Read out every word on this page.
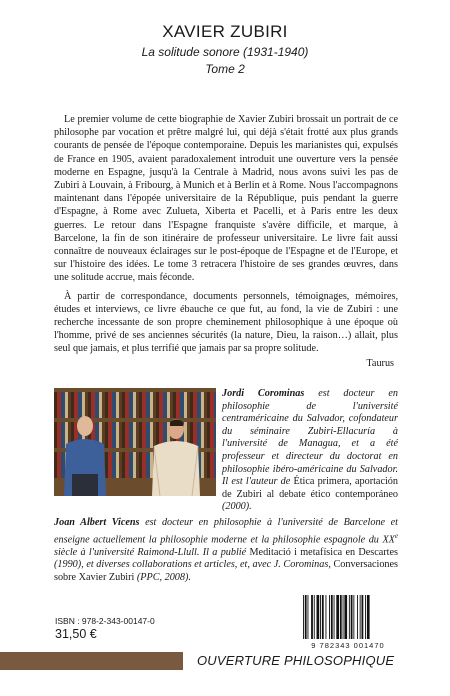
XAVIER ZUBIRI
La solitude sonore (1931-1940)
Tome 2

Le premier volume de cette biographie de Xavier Zubiri brossait un portrait de ce philosophe par vocation et prêtre malgré lui, qui déjà s'était frotté aux plus grands courants de pensée de l'époque contemporaine. Depuis les marianistes qui, expulsés de France en 1905, avaient paradoxalement introduit une ouverture vers la pensée moderne en Espagne, jusqu'à la Centrale à Madrid, nous avons suivi les pas de Zubiri à Louvain, à Fribourg, à Munich et à Berlin et à Rome. Nous l'accompagnons maintenant dans l'épopée universitaire de la République, puis pendant la guerre d'Espagne, à Rome avec Zulueta, Xiberta et Pacelli, et à Paris entre les deux guerres. Le retour dans l'Espagne franquiste s'avère difficile, et marque, à Barcelone, la fin de son itinéraire de professeur universitaire. Le livre fait aussi connaître de nouveaux éclairages sur le post-époque de l'Espagne et de l'Europe, et sur l'histoire des idées. Le tome 3 retracera l'histoire de ses grandes œuvres, dans une solitude accrue, mais féconde.

À partir de correspondance, documents personnels, témoignages, mémoires, études et interviews, ce livre ébauche ce que fut, au fond, la vie de Zubiri : une recherche incessante de son propre cheminement philosophique à une époque où l'homme, privé de ses anciennes sécurités (la nature, Dieu, la raison…) allait, plus seul que jamais, et plus terrifié que jamais par sa propre solitude.

Taurus
Jordi Corominas est docteur en philosophie de l'université centraméricaine du Salvador, cofondateur du séminaire Zubiri-Ellacuría à l'université de Managua, et a été professeur et directeur du doctorat en philosophie ibéro-américaine du Salvador. Il est l'auteur de Ética primera, aportación de Zubiri al debate ético contemporáneo (2000).
Joan Albert Vicens est docteur en philosophie à l'université de Barcelone et enseigne actuellement la philosophie moderne et la philosophie espagnole du XXe siècle à l'université Raimond-Llull. Il a publié Meditació i metafísica en Descartes (1990), et diverses collaborations et articles, et, avec J. Corominas, Conversaciones sobre Xavier Zubiri (PPC, 2008).
ISBN : 978-2-343-00147-0
31,50 €
9 782343 001470
OUVERTURE PHILOSOPHIQUE
